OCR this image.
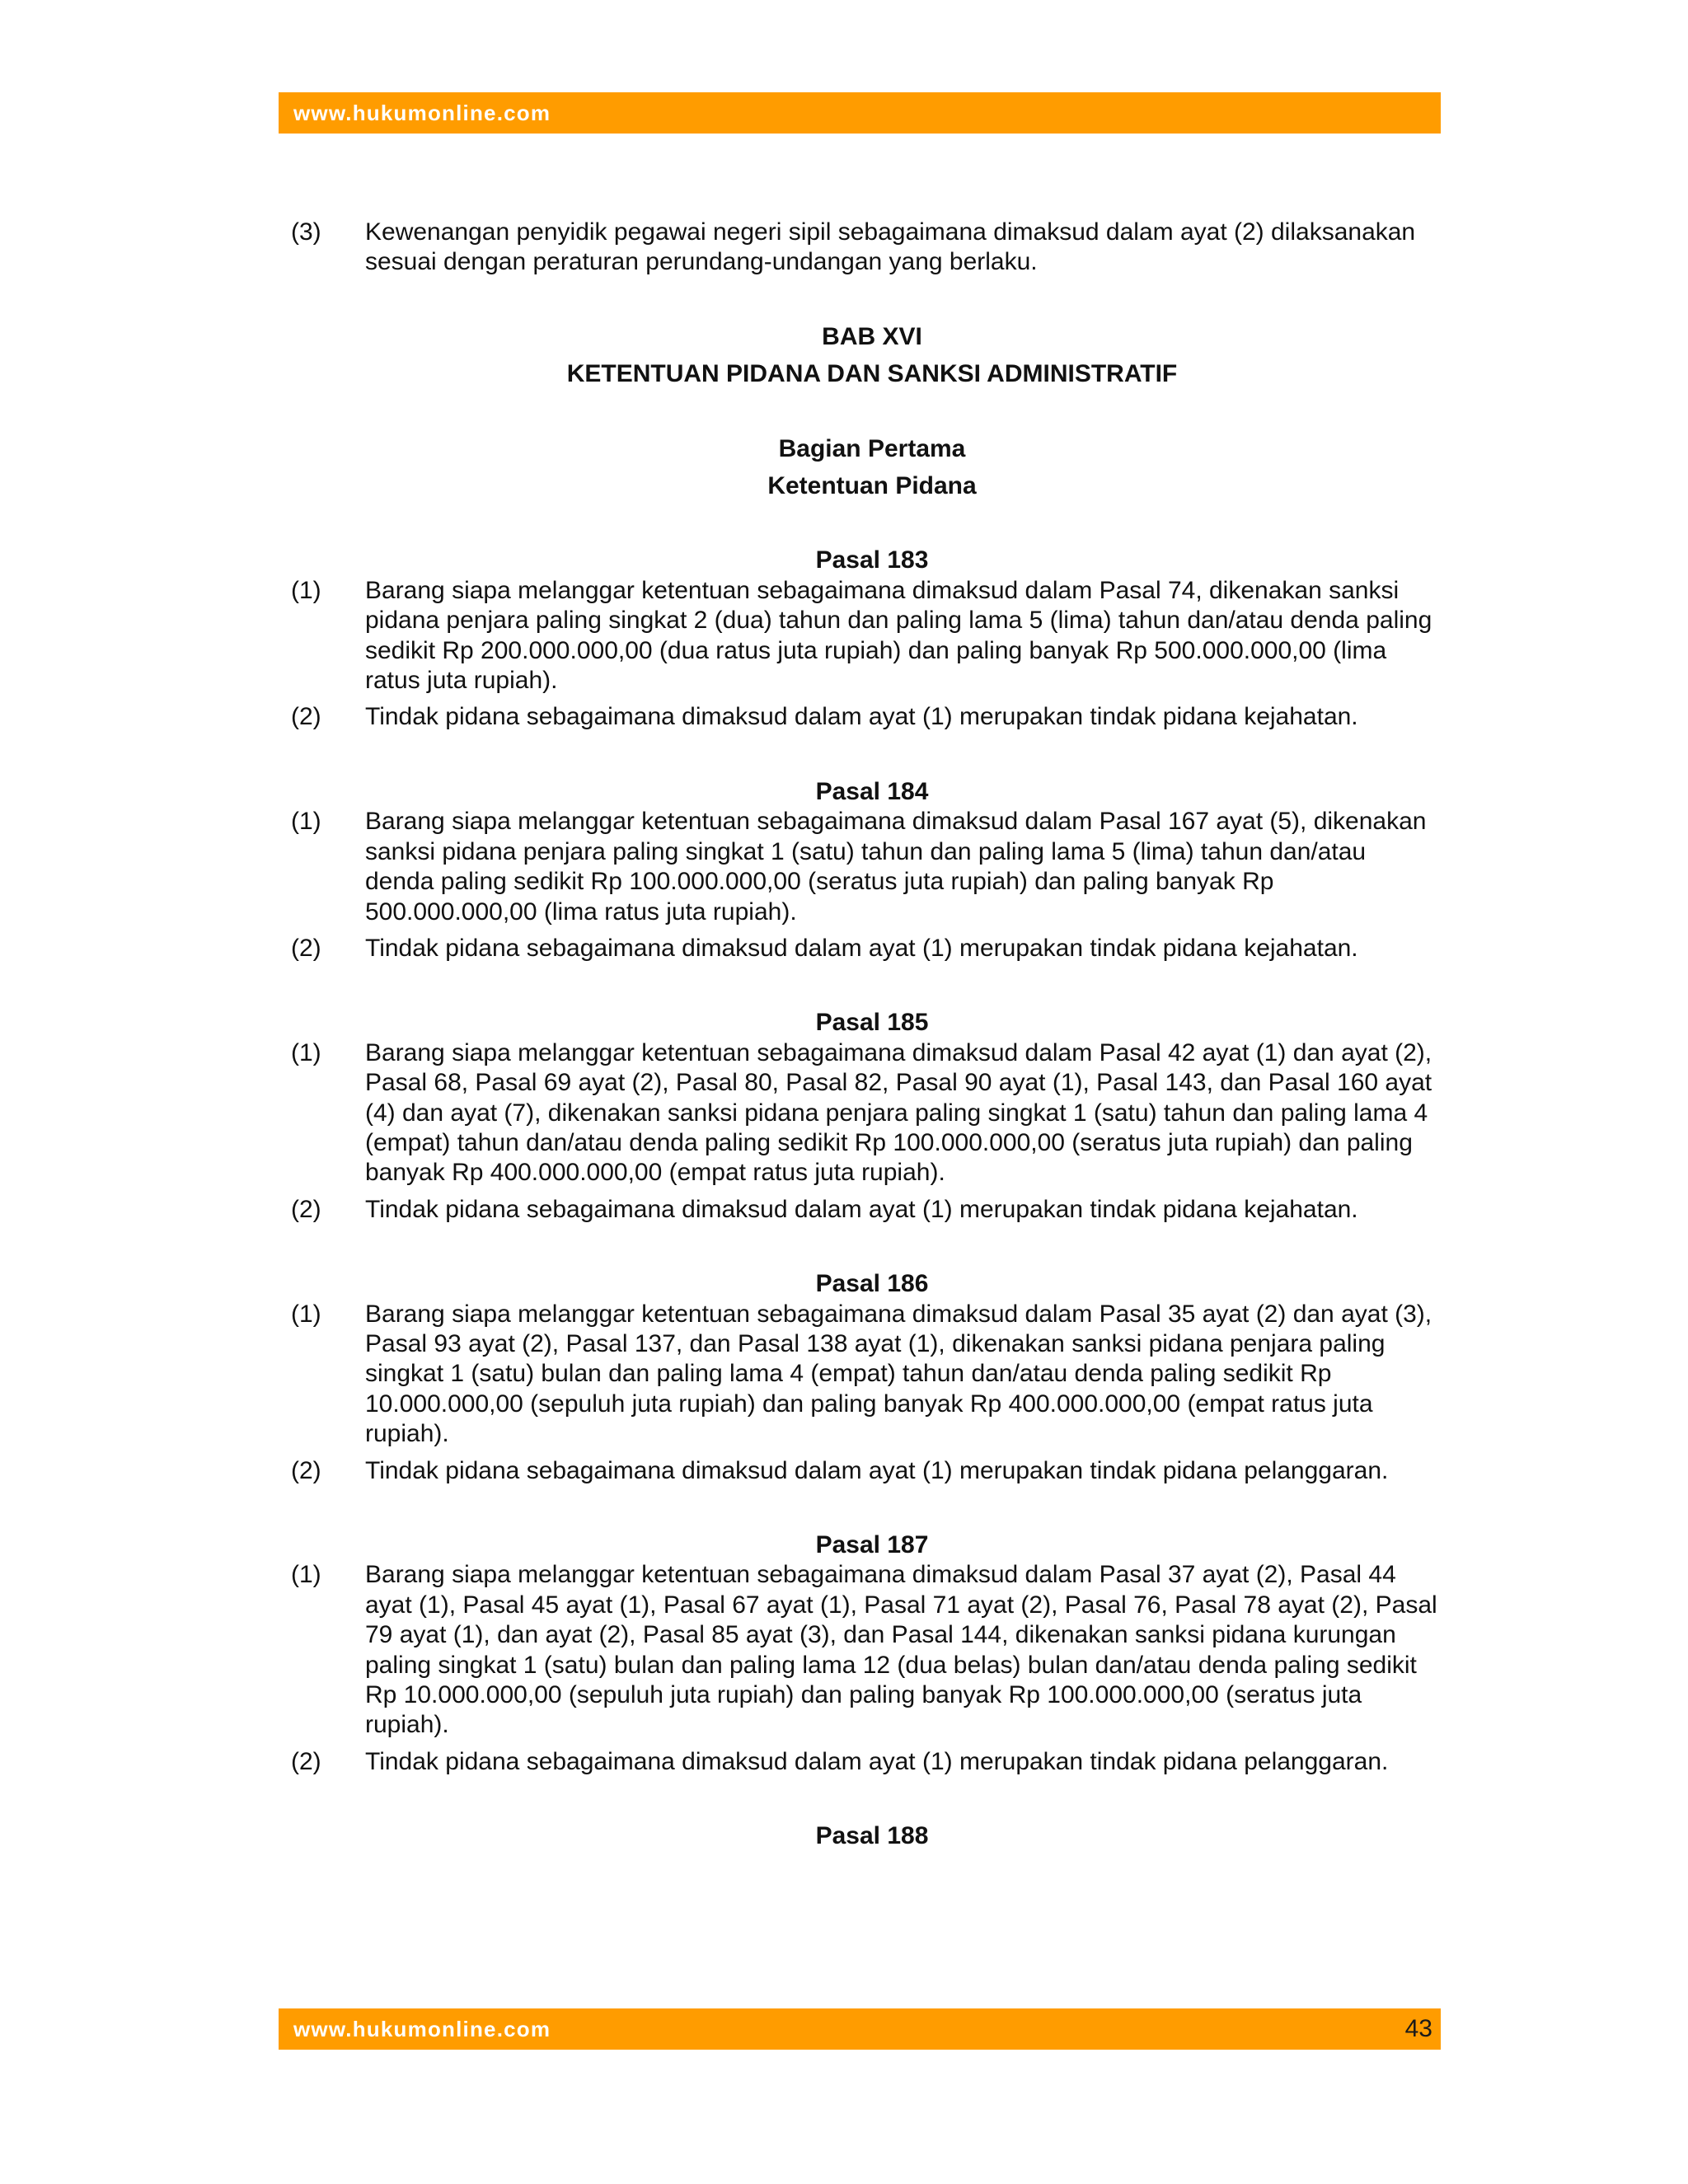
www.hukumonline.com
(3)	Kewenangan penyidik pegawai negeri sipil sebagaimana dimaksud dalam ayat (2) dilaksanakan sesuai dengan peraturan perundang-undangan yang berlaku.
BAB XVI
KETENTUAN PIDANA DAN SANKSI ADMINISTRATIF
Bagian Pertama
Ketentuan Pidana
Pasal 183
(1)	Barang siapa melanggar ketentuan sebagaimana dimaksud dalam Pasal 74, dikenakan sanksi pidana penjara paling singkat 2 (dua) tahun dan paling lama 5 (lima) tahun dan/atau denda paling sedikit Rp 200.000.000,00 (dua ratus juta rupiah) dan paling banyak Rp 500.000.000,00 (lima ratus juta rupiah).
(2)	Tindak pidana sebagaimana dimaksud dalam ayat (1) merupakan tindak pidana kejahatan.
Pasal 184
(1)	Barang siapa melanggar ketentuan sebagaimana dimaksud dalam Pasal 167 ayat (5), dikenakan sanksi pidana penjara paling singkat 1 (satu) tahun dan paling lama 5 (lima) tahun dan/atau denda paling sedikit Rp 100.000.000,00 (seratus juta rupiah) dan paling banyak Rp 500.000.000,00 (lima ratus juta rupiah).
(2)	Tindak pidana sebagaimana dimaksud dalam ayat (1) merupakan tindak pidana kejahatan.
Pasal 185
(1)	Barang siapa melanggar ketentuan sebagaimana dimaksud dalam Pasal 42 ayat (1) dan ayat (2), Pasal 68, Pasal 69 ayat (2), Pasal 80, Pasal 82, Pasal 90 ayat (1), Pasal 143, dan Pasal 160 ayat (4) dan ayat (7), dikenakan sanksi pidana penjara paling singkat 1 (satu) tahun dan paling lama 4 (empat) tahun dan/atau denda paling sedikit Rp 100.000.000,00 (seratus juta rupiah) dan paling banyak Rp 400.000.000,00 (empat ratus juta rupiah).
(2)	Tindak pidana sebagaimana dimaksud dalam ayat (1) merupakan tindak pidana kejahatan.
Pasal 186
(1)	Barang siapa melanggar ketentuan sebagaimana dimaksud dalam Pasal 35 ayat (2) dan ayat (3), Pasal 93 ayat (2), Pasal 137, dan Pasal 138 ayat (1), dikenakan sanksi pidana penjara paling singkat 1 (satu) bulan dan paling lama 4 (empat) tahun dan/atau denda paling sedikit Rp 10.000.000,00 (sepuluh juta rupiah) dan paling banyak Rp 400.000.000,00 (empat ratus juta rupiah).
(2)	Tindak pidana sebagaimana dimaksud dalam ayat (1) merupakan tindak pidana pelanggaran.
Pasal 187
(1)	Barang siapa melanggar ketentuan sebagaimana dimaksud dalam Pasal 37 ayat (2), Pasal 44 ayat (1), Pasal 45 ayat (1), Pasal 67 ayat (1), Pasal 71 ayat (2), Pasal 76, Pasal 78 ayat (2), Pasal 79 ayat (1), dan ayat (2), Pasal 85 ayat (3), dan Pasal 144, dikenakan sanksi pidana kurungan paling singkat 1 (satu) bulan dan paling lama 12 (dua belas) bulan dan/atau denda paling sedikit Rp 10.000.000,00 (sepuluh juta rupiah) dan paling banyak Rp 100.000.000,00 (seratus juta rupiah).
(2)	Tindak pidana sebagaimana dimaksud dalam ayat (1) merupakan tindak pidana pelanggaran.
Pasal 188
www.hukumonline.com	43
